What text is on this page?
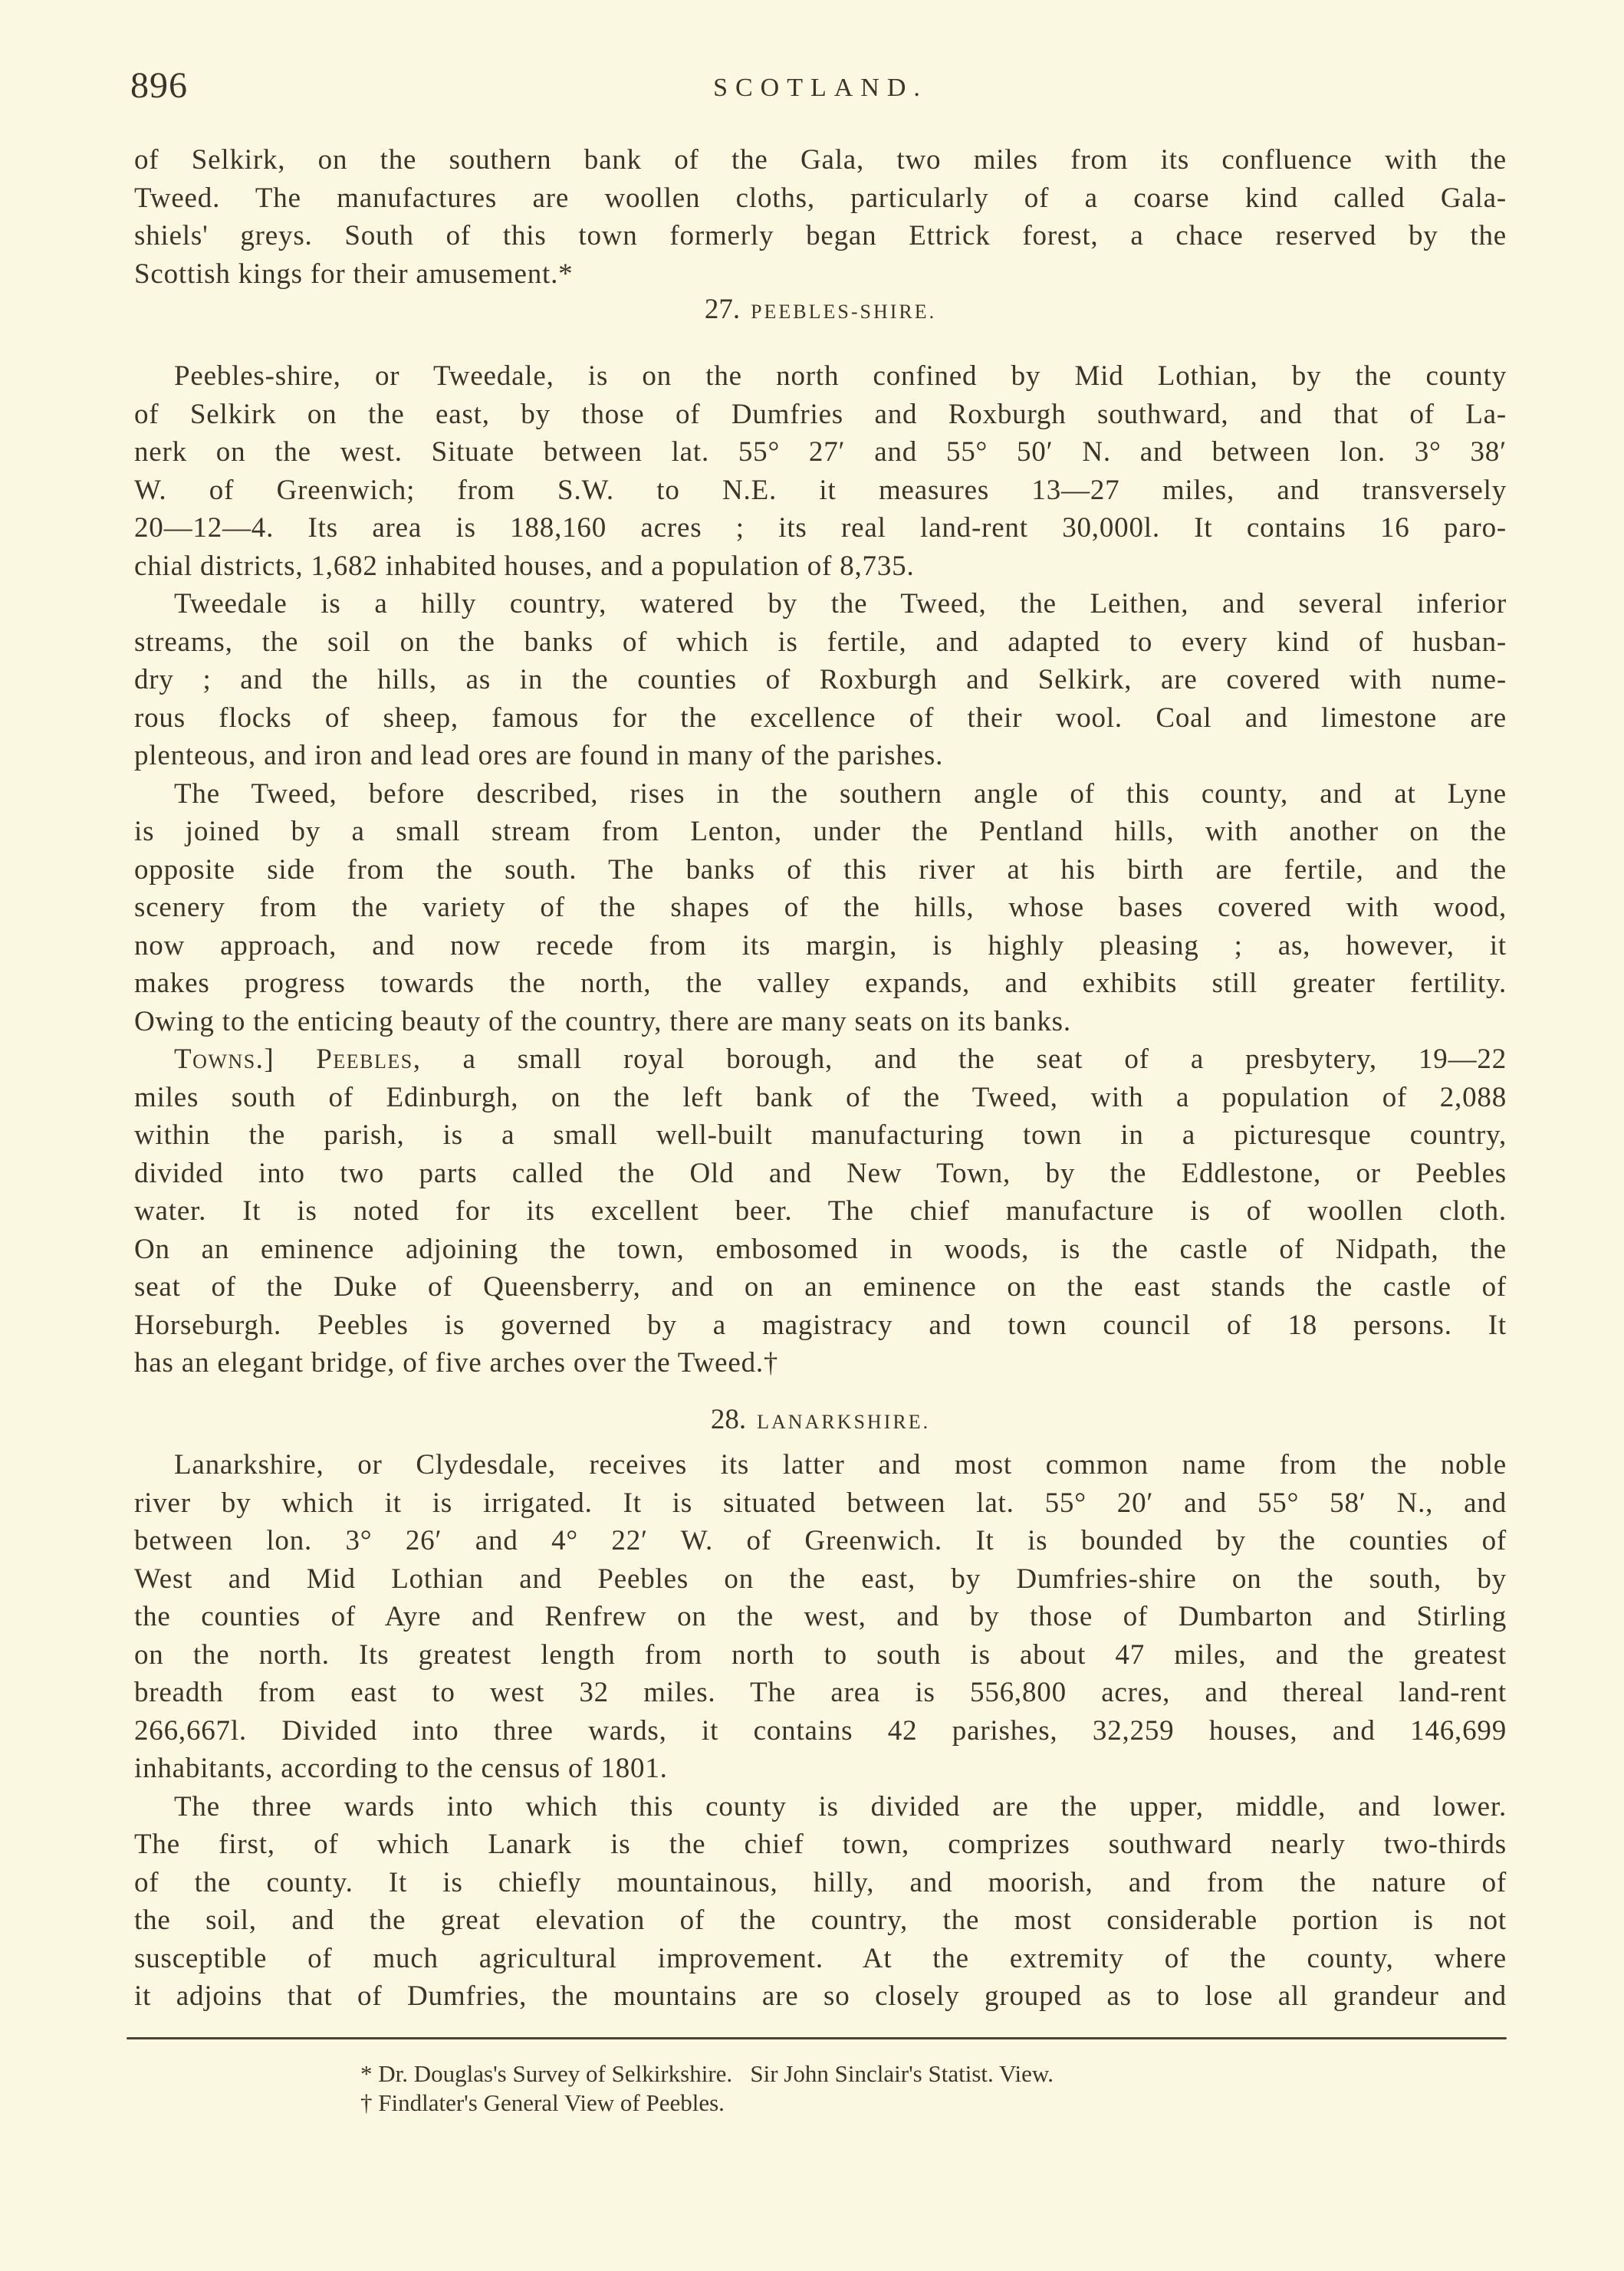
896	SCOTLAND.
of Selkirk, on the southern bank of the Gala, two miles from its confluence with the
Tweed. The manufactures are woollen cloths, particularly of a coarse kind called Gala-
shiels' greys. South of this town formerly began Ettrick forest, a chace reserved by the
Scottish kings for their amusement.*
27. PEEBLES-SHIRE.
Peebles-shire, or Tweedale, is on the north confined by Mid Lothian, by the county
of Selkirk on the east, by those of Dumfries and Roxburgh southward, and that of La-
nerk on the west. Situate between lat. 55° 27′ and 55° 50′ N. and between lon. 3° 38′
W. of Greenwich; from S.W. to N.E. it measures 13—27 miles, and transversely
20—12—4. Its area is 188,160 acres ; its real land-rent 30,000l. It contains 16 paro-
chial districts, 1,682 inhabited houses, and a population of 8,735.
Tweedale is a hilly country, watered by the Tweed, the Leithen, and several inferior
streams, the soil on the banks of which is fertile, and adapted to every kind of husban-
dry ; and the hills, as in the counties of Roxburgh and Selkirk, are covered with nume-
rous flocks of sheep, famous for the excellence of their wool. Coal and limestone are
plenteous, and iron and lead ores are found in many of the parishes.
The Tweed, before described, rises in the southern angle of this county, and at Lyne
is joined by a small stream from Lenton, under the Pentland hills, with another on the
opposite side from the south. The banks of this river at his birth are fertile, and the
scenery from the variety of the shapes of the hills, whose bases covered with wood,
now approach, and now recede from its margin, is highly pleasing ; as, however, it
makes progress towards the north, the valley expands, and exhibits still greater fertility.
Owing to the enticing beauty of the country, there are many seats on its banks.
Towns.] Peebles, a small royal borough, and the seat of a presbytery, 19—22
miles south of Edinburgh, on the left bank of the Tweed, with a population of 2,088
within the parish, is a small well-built manufacturing town in a picturesque country,
divided into two parts called the Old and New Town, by the Eddlestone, or Peebles
water. It is noted for its excellent beer. The chief manufacture is of woollen cloth.
On an eminence adjoining the town, embosomed in woods, is the castle of Nidpath, the
seat of the Duke of Queensberry, and on an eminence on the east stands the castle of
Horseburgh. Peebles is governed by a magistracy and town council of 18 persons. It
has an elegant bridge, of five arches over the Tweed.†
28. LANARKSHIRE.
Lanarkshire, or Clydesdale, receives its latter and most common name from the noble
river by which it is irrigated. It is situated between lat. 55° 20′ and 55° 58′ N., and
between lon. 3° 26′ and 4° 22′ W. of Greenwich. It is bounded by the counties of
West and Mid Lothian and Peebles on the east, by Dumfries-shire on the south, by
the counties of Ayre and Renfrew on the west, and by those of Dumbarton and Stirling
on the north. Its greatest length from north to south is about 47 miles, and the greatest
breadth from east to west 32 miles. The area is 556,800 acres, and thereal land-rent
266,667l. Divided into three wards, it contains 42 parishes, 32,259 houses, and 146,699
inhabitants, according to the census of 1801.
The three wards into which this county is divided are the upper, middle, and lower.
The first, of which Lanark is the chief town, comprizes southward nearly two-thirds
of the county. It is chiefly mountainous, hilly, and moorish, and from the nature of
the soil, and the great elevation of the country, the most considerable portion is not
susceptible of much agricultural improvement. At the extremity of the county, where
it adjoins that of Dumfries, the mountains are so closely grouped as to lose all grandeur and
* Dr. Douglas's Survey of Selkirkshire.   Sir John Sinclair's Statist. View.
† Findlater's General View of Peebles.
